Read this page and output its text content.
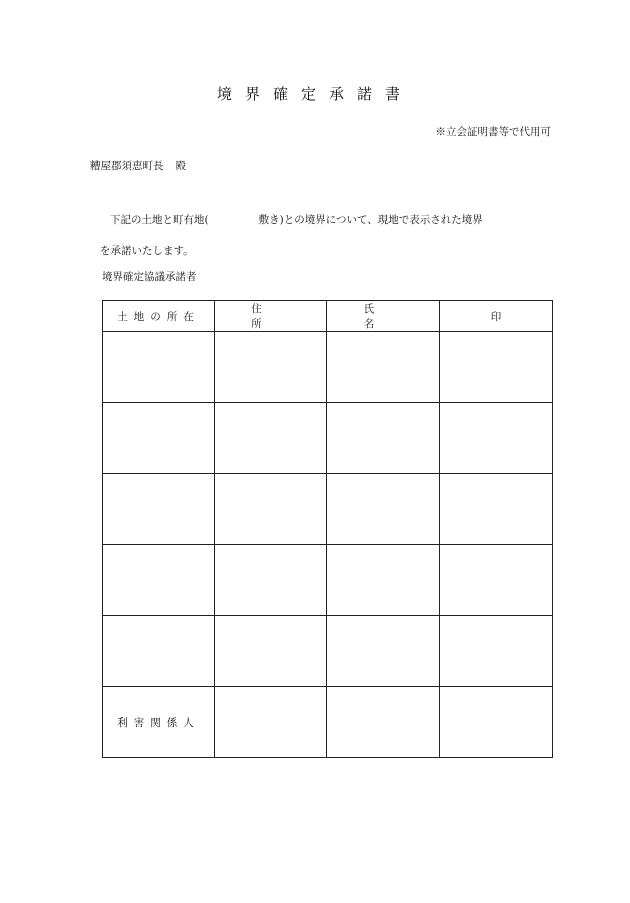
境界確定承諾書
※立会証明書等で代用可
糟屋郡須恵町長 殿
下記の土地と町有地(	敷き)との境界について、現地で表示された境界
を承諾いたします。
境界確定協議承諾者
土地の所在	住　所	氏　名	印

利害関係人			
